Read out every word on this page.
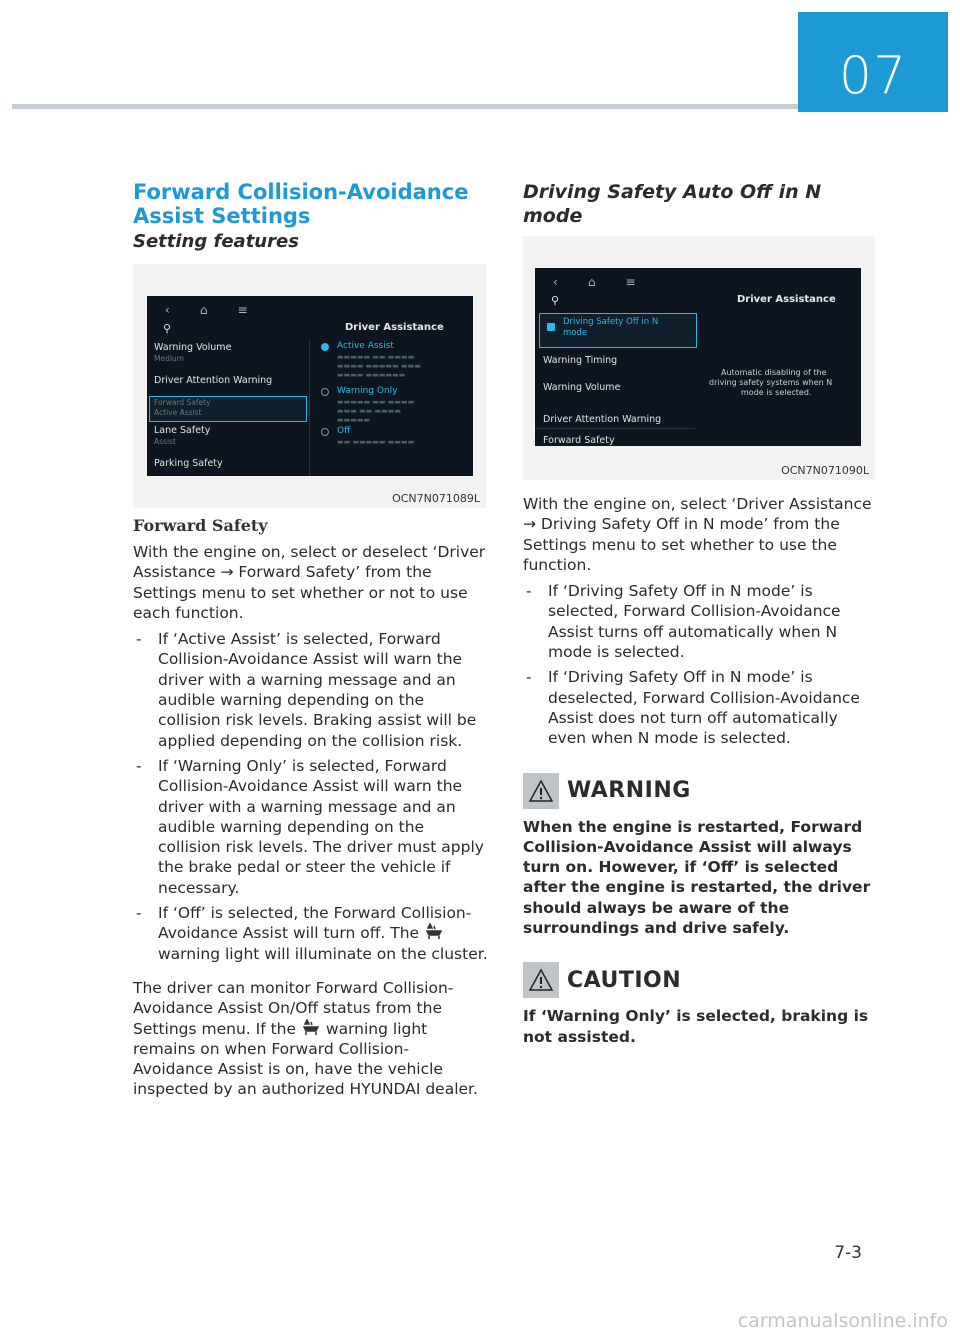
07
Forward Collision-Avoidance
Assist Settings
Setting features
‹	⌂	≡
⚲	Driver Assistance
Warning Volume
Medium
Driver Attention Warning
Forward Safety
Active Assist
Lane Safety
Assist
Parking Safety
Active Assist
▬▬▬▬▬ ▬▬ ▬▬▬▬
▬▬▬▬ ▬▬▬▬▬ ▬▬▬
▬▬▬▬ ▬▬▬▬▬▬
Warning Only
▬▬▬▬▬ ▬▬ ▬▬▬▬
▬▬▬ ▬▬ ▬▬▬▬
▬▬▬▬▬
Off
▬▬ ▬▬▬▬▬ ▬▬▬▬
OCN7N071089L
Forward Safety
With the engine on, select or deselect ‘Driver Assistance → Forward Safety’ from the Settings menu to set whether or not to use each function.
- If ‘Active Assist’ is selected, Forward Collision-Avoidance Assist will warn the driver with a warning message and an audible warning depending on the collision risk levels. Braking assist will be applied depending on the collision risk.
- If ‘Warning Only’ is selected, Forward Collision-Avoidance Assist will warn the driver with a warning message and an audible warning depending on the collision risk levels. The driver must apply the brake pedal or steer the vehicle if necessary.
- If ‘Off’ is selected, the Forward Collision-Avoidance Assist will turn off. The  warning light will illuminate on the cluster.
The driver can monitor Forward Collision-Avoidance Assist On/Off status from the Settings menu. If the warning light remains on when Forward Collision-Avoidance Assist is on, have the vehicle inspected by an authorized HYUNDAI dealer.
Driving Safety Auto Off in N mode
‹	⌂	≡
⚲	Driver Assistance
Driving Safety Off in N
mode
Warning Timing
Warning Volume
Driver Attention Warning
Forward Safety
Automatic disabling of the
driving safety systems when N
mode is selected.
OCN7N071090L
With the engine on, select ‘Driver Assistance → Driving Safety Off in N mode’ from the Settings menu to set whether to use the function.
- If ‘Driving Safety Off in N mode’ is selected, Forward Collision-Avoidance Assist turns off automatically when N mode is selected.
- If ‘Driving Safety Off in N mode’ is deselected, Forward Collision-Avoidance Assist does not turn off automatically even when N mode is selected.
WARNING
When the engine is restarted, Forward Collision-Avoidance Assist will always turn on. However, if ‘Off’ is selected after the engine is restarted, the driver should always be aware of the surroundings and drive safely.
CAUTION
If ‘Warning Only’ is selected, braking is not assisted.
7-3
carmanualsonline.info
